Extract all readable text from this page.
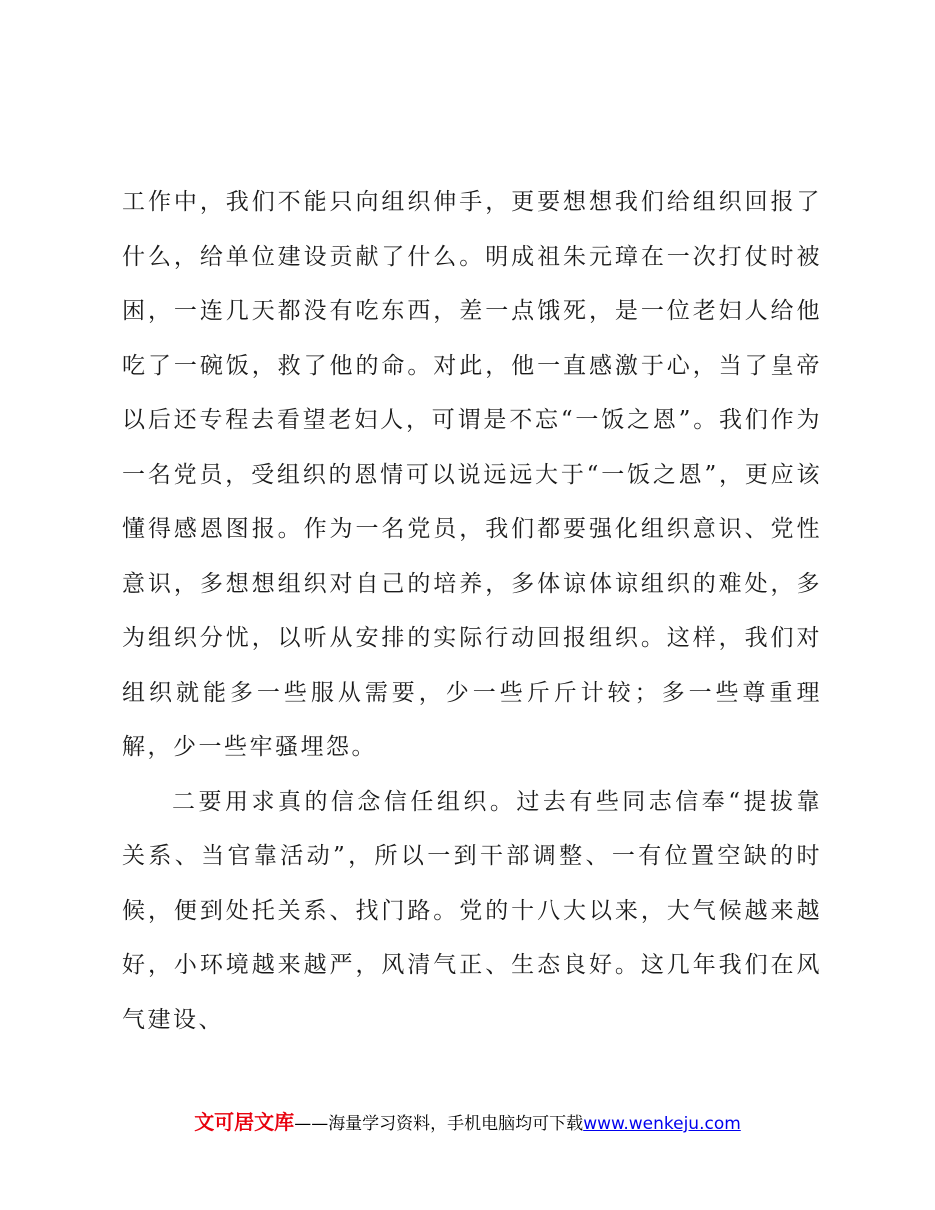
工作中，我们不能只向组织伸手，更要想想我们给组织回报了什么，给单位建设贡献了什么。明成祖朱元璋在一次打仗时被困，一连几天都没有吃东西，差一点饿死，是一位老妇人给他吃了一碗饭，救了他的命。对此，他一直感激于心，当了皇帝以后还专程去看望老妇人，可谓是不忘“一饭之恩”。我们作为一名党员，受组织的恩情可以说远远大于“一饭之恩”，更应该懂得感恩图报。作为一名党员，我们都要强化组织意识、党性意识，多想想组织对自己的培养，多体谅体谅组织的难处，多为组织分忧，以听从安排的实际行动回报组织。这样，我们对组织就能多一些服从需要，少一些斤斤计较；多一些尊重理解，少一些牢骚埋怨。

二要用求真的信念信任组织。过去有些同志信奉“提拔靠关系、当官靠活动”，所以一到干部调整、一有位置空缺的时候，便到处托关系、找门路。党的十八大以来，大气候越来越好，小环境越来越严，风清气正、生态良好。这几年我们在风气建设、

文可居文库——海量学习资料，手机电脑均可下载www.wenkeju.com
